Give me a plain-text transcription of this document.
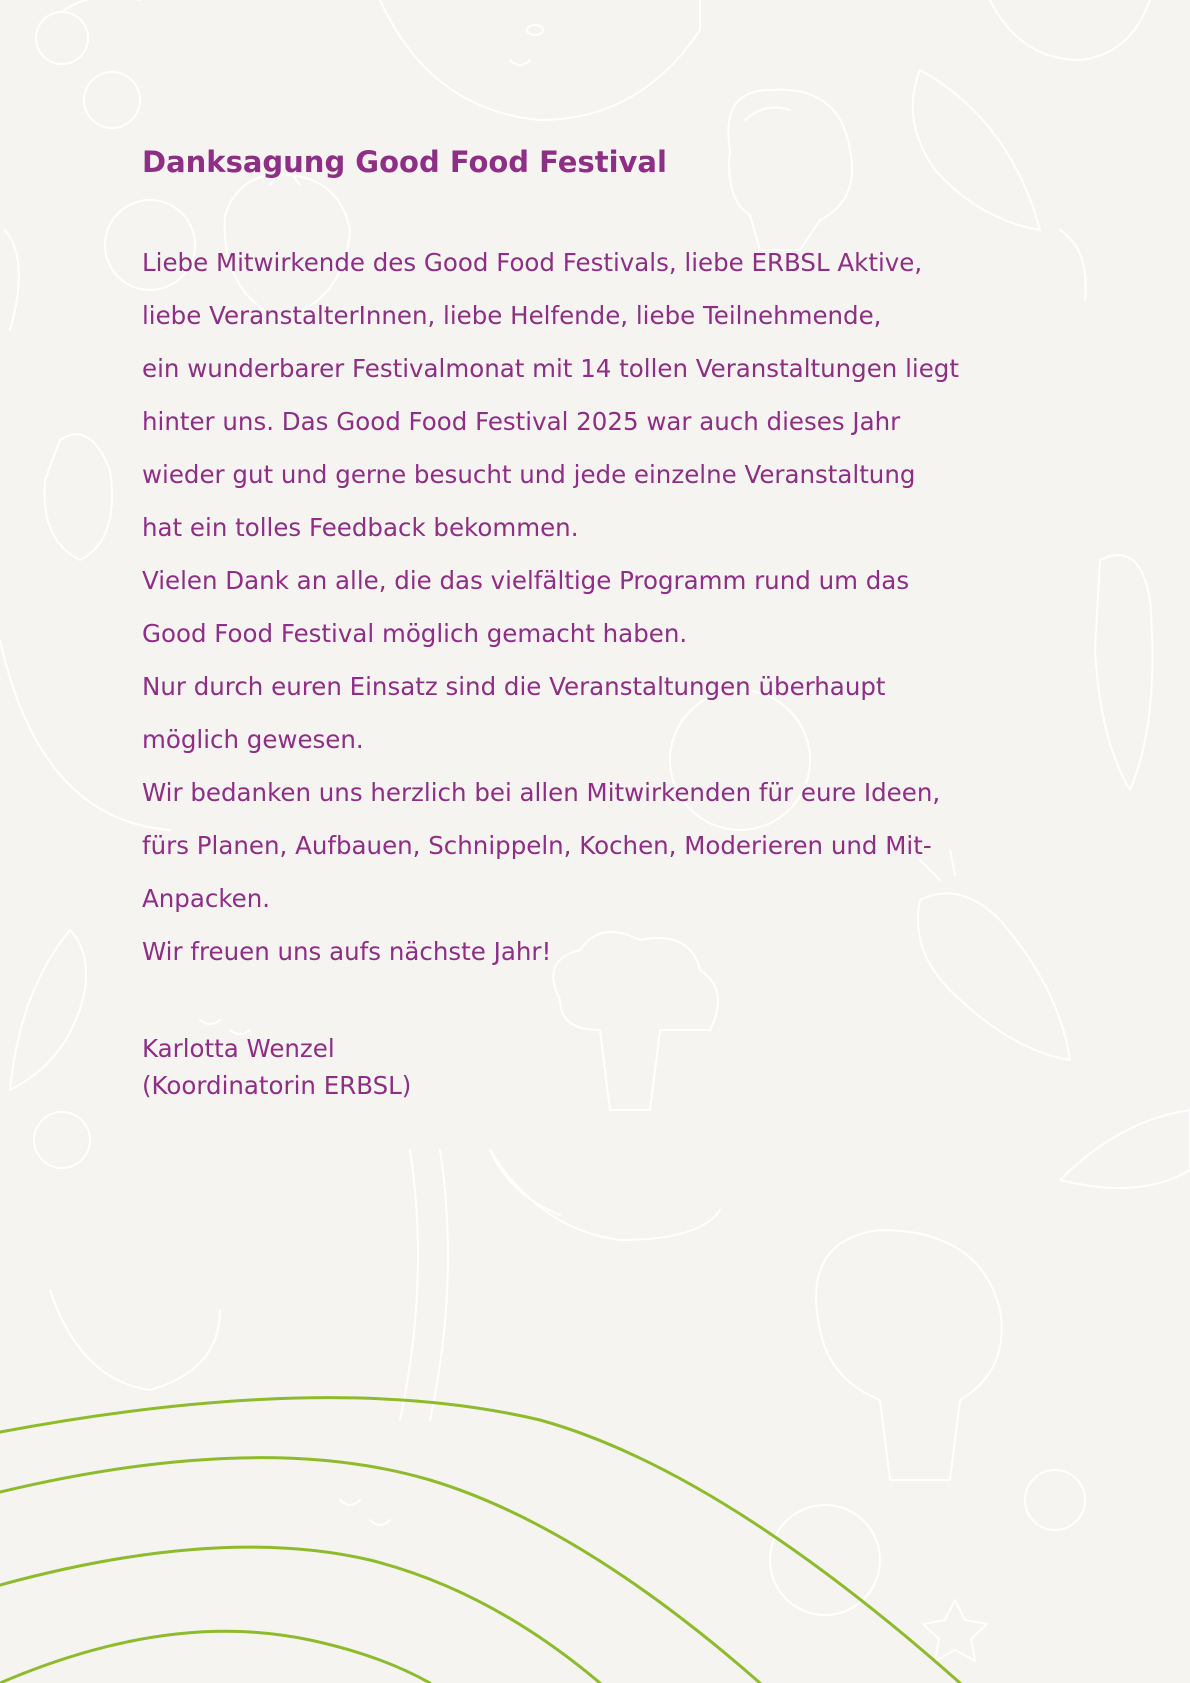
Danksagung Good Food Festival
Liebe Mitwirkende des Good Food Festivals, liebe ERBSL Aktive,
liebe VeranstalterInnen, liebe Helfende, liebe Teilnehmende,
ein wunderbarer Festivalmonat mit 14 tollen Veranstaltungen liegt
hinter uns. Das Good Food Festival 2025 war auch dieses Jahr
wieder gut und gerne besucht und jede einzelne Veranstaltung
hat ein tolles Feedback bekommen.
Vielen Dank an alle, die das vielfältige Programm rund um das
Good Food Festival möglich gemacht haben.
Nur durch euren Einsatz sind die Veranstaltungen überhaupt
möglich gewesen.
Wir bedanken uns herzlich bei allen Mitwirkenden für eure Ideen,
fürs Planen, Aufbauen, Schnippeln, Kochen, Moderieren und Mit-
Anpacken.
Wir freuen uns aufs nächste Jahr!
Karlotta Wenzel
(Koordinatorin ERBSL)
